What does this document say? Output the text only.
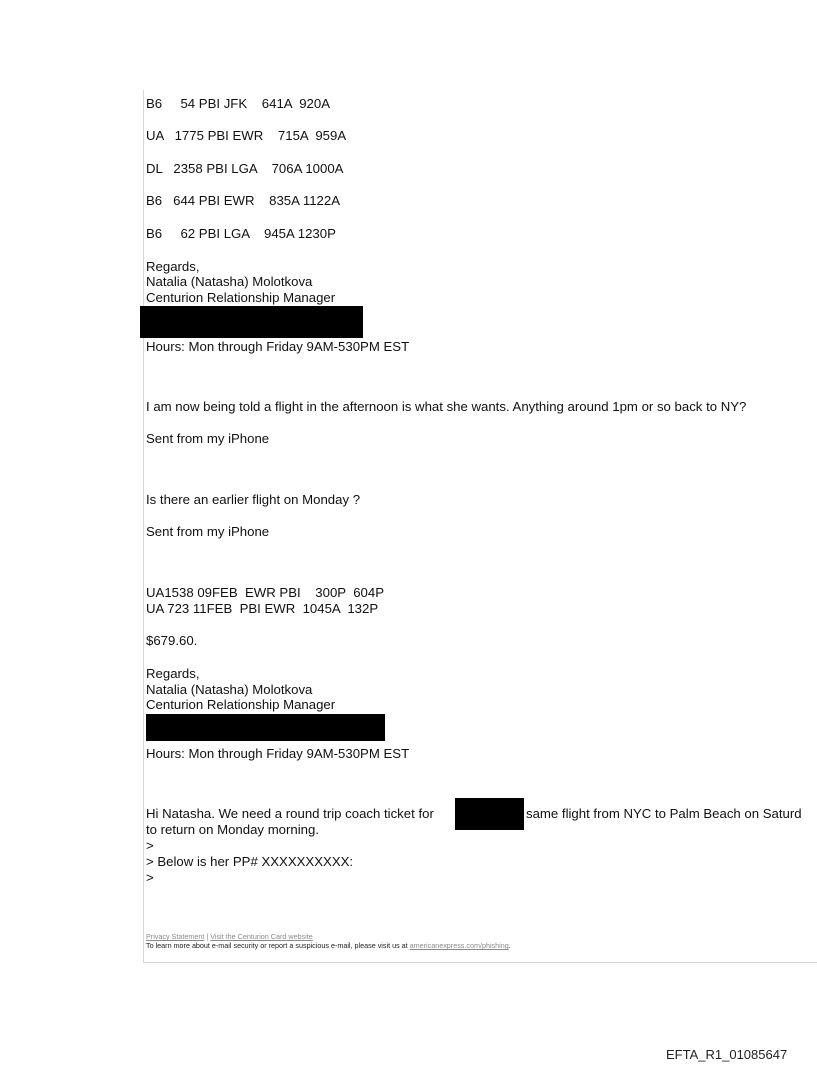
B6     54 PBI JFK    641A  920A
UA   1775 PBI EWR    715A  959A
DL   2358 PBI LGA    706A 1000A
B6   644 PBI EWR    835A 1122A
B6     62 PBI LGA    945A 1230P
Regards,
Natalia (Natasha) Molotkova
Centurion Relationship Manager
Hours: Mon through Friday 9AM-530PM EST
I am now being told a flight in the afternoon is what she wants. Anything around 1pm or so back to NY?
Sent from my iPhone
Is there an earlier flight on Monday ?
Sent from my iPhone
UA1538 09FEB  EWR PBI    300P  604P
UA 723 11FEB  PBI EWR  1045A  132P
$679.60.
Regards,
Natalia (Natasha) Molotkova
Centurion Relationship Manager
Hours: Mon through Friday 9AM-530PM EST
Hi Natasha. We need a round trip coach ticket for	same flight from NYC to Palm Beach on Saturd
to return on Monday morning.
>
> Below is her PP# XXXXXXXXXX:
>
Privacy Statement | Visit the Centurion Card website
To learn more about e-mail security or report a suspicious e-mail, please visit us at americanexpress.com/phishing.
EFTA_R1_01085647
